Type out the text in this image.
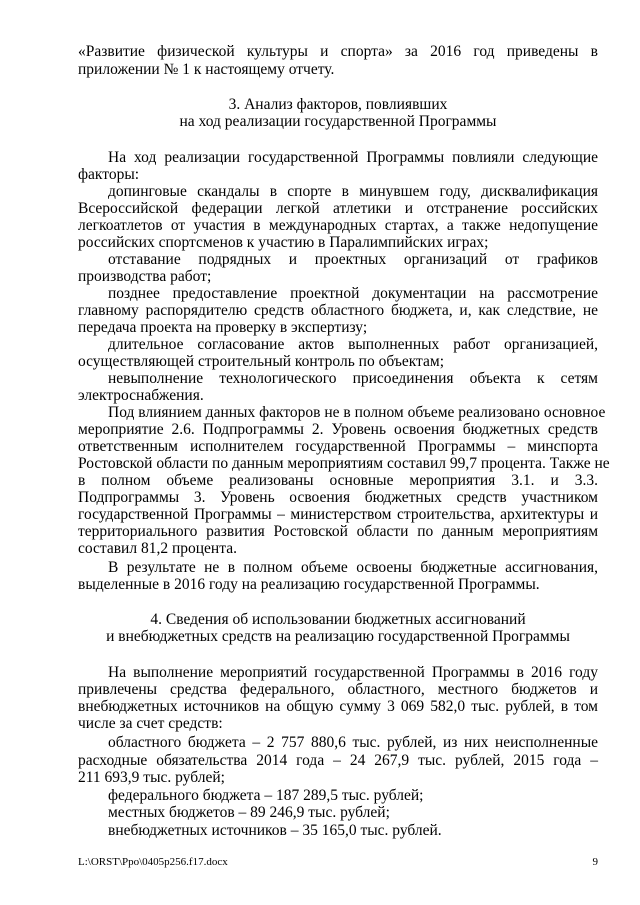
«Развитие физической культуры и спорта» за 2016 год приведены в
приложении № 1 к настоящему отчету.
3. Анализ факторов, повлиявших
на ход реализации государственной Программы
На ход реализации государственной Программы повлияли следующие
факторы:
допинговые скандалы в спорте в минувшем году, дисквалификация
Всероссийской федерации легкой атлетики и отстранение российских
легкоатлетов от участия в международных стартах, а также недопущение
российских спортсменов к участию в Паралимпийских играх;
отставание подрядных и проектных организаций от графиков
производства работ;
позднее предоставление проектной документации на рассмотрение
главному распорядителю средств областного бюджета, и, как следствие, не
передача проекта на проверку в экспертизу;
длительное согласование актов выполненных работ организацией,
осуществляющей строительный контроль по объектам;
невыполнение технологического присоединения объекта к сетям
электроснабжения.
Под влиянием данных факторов не в полном объеме реализовано основное
мероприятие 2.6. Подпрограммы 2. Уровень освоения бюджетных средств
ответственным исполнителем государственной Программы – минспорта
Ростовской области по данным мероприятиям составил 99,7 процента. Также не
в полном объеме реализованы основные мероприятия 3.1. и 3.3.
Подпрограммы 3. Уровень освоения бюджетных средств участником
государственной Программы – министерством строительства, архитектуры и
территориального развития Ростовской области по данным мероприятиям
составил 81,2 процента.
В результате не в полном объеме освоены бюджетные ассигнования,
выделенные в 2016 году на реализацию государственной Программы.
4. Сведения об использовании бюджетных ассигнований
и внебюджетных средств на реализацию государственной Программы
На выполнение мероприятий государственной Программы в 2016 году
привлечены средства федерального, областного, местного бюджетов и
внебюджетных источников на общую сумму 3 069 582,0 тыс. рублей, в том
числе за счет средств:
областного бюджета – 2 757 880,6 тыс. рублей, из них неисполненные
расходные обязательства 2014 года – 24 267,9 тыс. рублей, 2015 года –
211 693,9 тыс. рублей;
федерального бюджета – 187 289,5 тыс. рублей;
местных бюджетов – 89 246,9 тыс. рублей;
внебюджетных источников – 35 165,0 тыс. рублей.
L:\ORST\Ppo\0405p256.f17.docx	9
